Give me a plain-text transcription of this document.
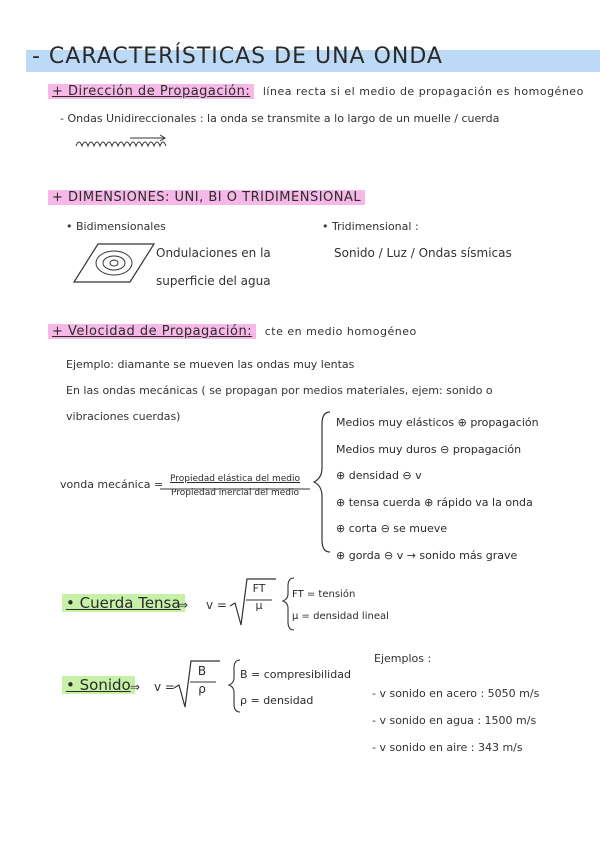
- CARACTERÍSTICAS DE UNA ONDA
+ Dirección de Propagación: línea recta si el medio de propagación es homogéneo
- Ondas Unidireccionales : la onda se transmite a lo largo de un muelle / cuerda
+ DIMENSIONES: UNI, BI O TRIDIMENSIONAL
• Bidimensionales
Ondulaciones en la
superficie del agua
• Tridimensional :
Sonido / Luz / Ondas sísmicas
+ Velocidad de Propagación: cte en medio homogéneo
Ejemplo: diamante se mueven las ondas muy lentas
En las ondas mecánicas ( se propagan por medios materiales, ejem: sonido o
vibraciones cuerdas)
vonda mecánica = Propiedad elástica del medio
Propiedad inercial del medio
Medios muy elásticos ⊕ propagación
Medios muy duros ⊖ propagación
⊕ densidad ⊖ v
⊕ tensa cuerda ⊕ rápido va la onda
⊕ corta ⊖ se mueve
⊕ gorda ⊖ v → sonido más grave
• Cuerda Tensa
⇒ v =
FT
μ
FT = tensión
μ = densidad lineal
• Sonido ⇒ v =
B
ρ
B = compresibilidad
ρ = densidad
Ejemplos :
- v sonido en acero : 5050 m/s
- v sonido en agua : 1500 m/s
- v sonido en aire : 343 m/s
